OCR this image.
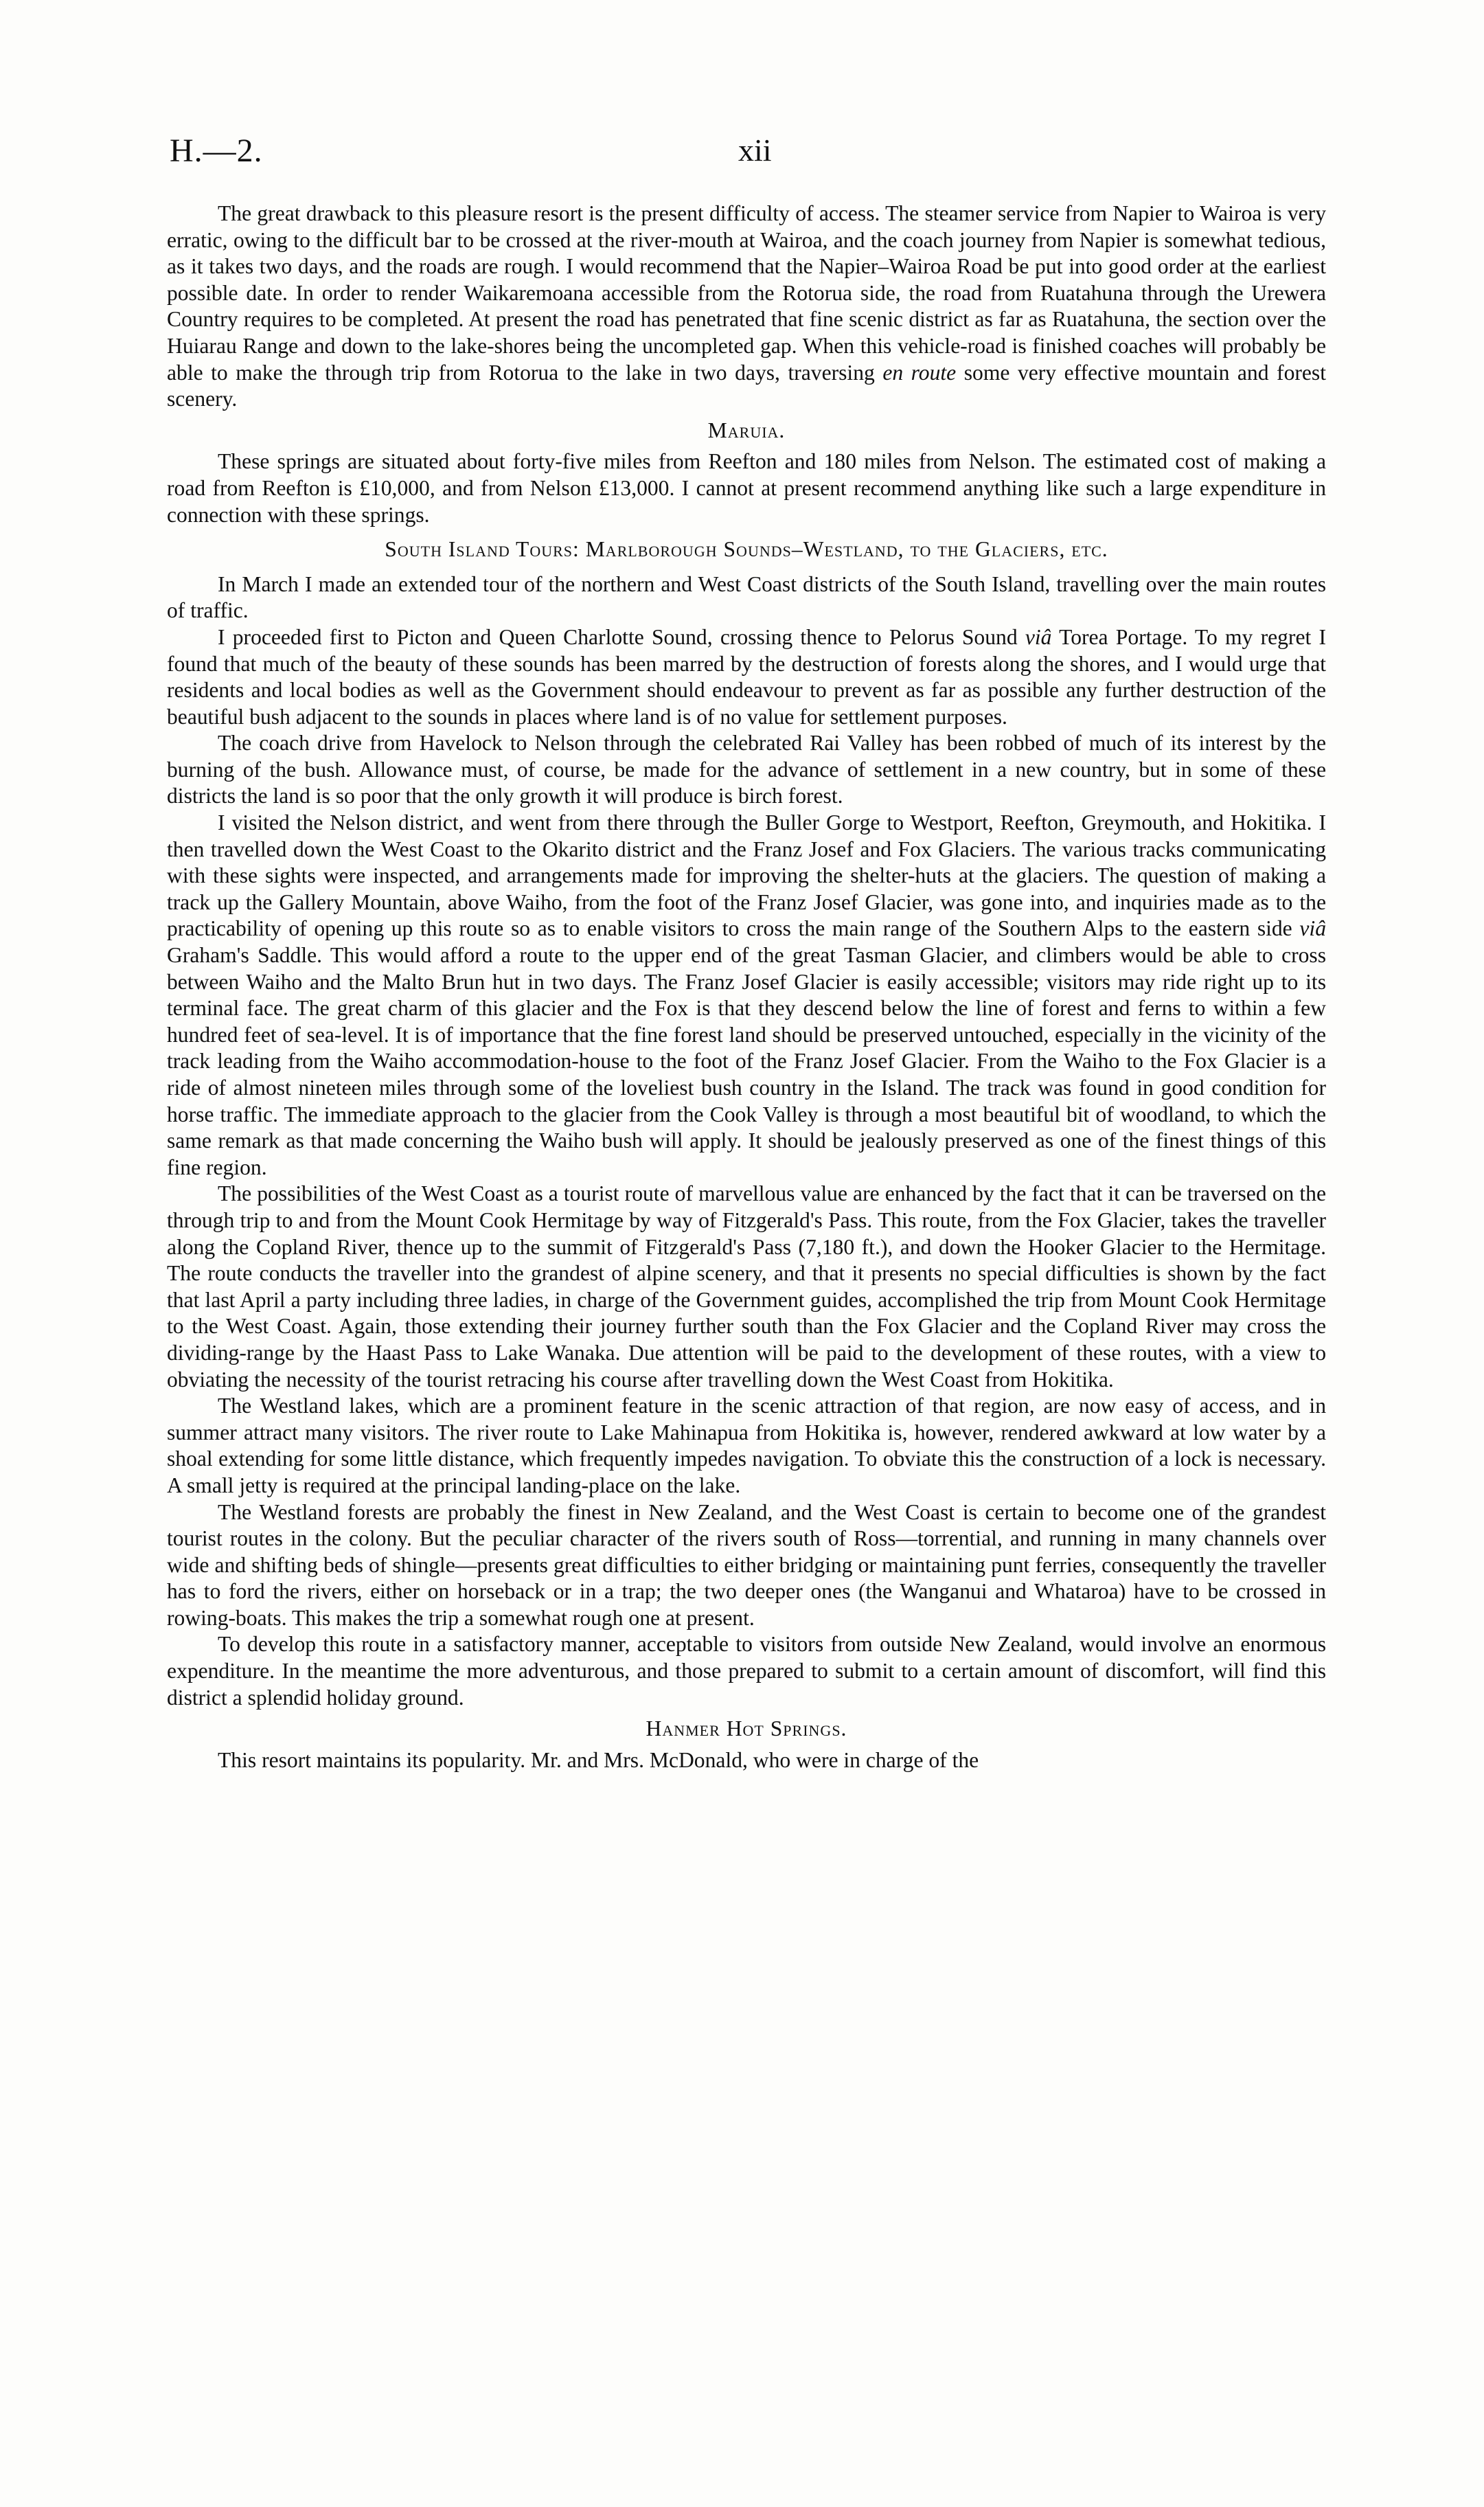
H.—2.	xii

The great drawback to this pleasure resort is the present difficulty of access. The steamer service from Napier to Wairoa is very erratic, owing to the difficult bar to be crossed at the river-mouth at Wairoa, and the coach journey from Napier is somewhat tedious, as it takes two days, and the roads are rough. I would recommend that the Napier–Wairoa Road be put into good order at the earliest possible date. In order to render Waikaremoana accessible from the Rotorua side, the road from Ruatahuna through the Urewera Country requires to be completed. At present the road has penetrated that fine scenic district as far as Ruatahuna, the section over the Huiarau Range and down to the lake-shores being the uncompleted gap. When this vehicle-road is finished coaches will probably be able to make the through trip from Rotorua to the lake in two days, traversing en route some very effective mountain and forest scenery.

Maruia.

These springs are situated about forty-five miles from Reefton and 180 miles from Nelson. The estimated cost of making a road from Reefton is £10,000, and from Nelson £13,000. I cannot at present recommend anything like such a large expenditure in connection with these springs.

South Island Tours: Marlborough Sounds–Westland, to the Glaciers, etc.

In March I made an extended tour of the northern and West Coast districts of the South Island, travelling over the main routes of traffic.

I proceeded first to Picton and Queen Charlotte Sound, crossing thence to Pelorus Sound viâ Torea Portage. To my regret I found that much of the beauty of these sounds has been marred by the destruction of forests along the shores, and I would urge that residents and local bodies as well as the Government should endeavour to prevent as far as possible any further destruction of the beautiful bush adjacent to the sounds in places where land is of no value for settlement purposes.

The coach drive from Havelock to Nelson through the celebrated Rai Valley has been robbed of much of its interest by the burning of the bush. Allowance must, of course, be made for the advance of settlement in a new country, but in some of these districts the land is so poor that the only growth it will produce is birch forest.

I visited the Nelson district, and went from there through the Buller Gorge to Westport, Reefton, Greymouth, and Hokitika. I then travelled down the West Coast to the Okarito district and the Franz Josef and Fox Glaciers. The various tracks communicating with these sights were inspected, and arrangements made for improving the shelter-huts at the glaciers. The question of making a track up the Gallery Mountain, above Waiho, from the foot of the Franz Josef Glacier, was gone into, and inquiries made as to the practicability of opening up this route so as to enable visitors to cross the main range of the Southern Alps to the eastern side viâ Graham's Saddle. This would afford a route to the upper end of the great Tasman Glacier, and climbers would be able to cross between Waiho and the Malto Brun hut in two days. The Franz Josef Glacier is easily accessible; visitors may ride right up to its terminal face. The great charm of this glacier and the Fox is that they descend below the line of forest and ferns to within a few hundred feet of sea-level. It is of importance that the fine forest land should be preserved untouched, especially in the vicinity of the track leading from the Waiho accommodation-house to the foot of the Franz Josef Glacier. From the Waiho to the Fox Glacier is a ride of almost nineteen miles through some of the loveliest bush country in the Island. The track was found in good condition for horse traffic. The immediate approach to the glacier from the Cook Valley is through a most beautiful bit of woodland, to which the same remark as that made concerning the Waiho bush will apply. It should be jealously preserved as one of the finest things of this fine region.

The possibilities of the West Coast as a tourist route of marvellous value are enhanced by the fact that it can be traversed on the through trip to and from the Mount Cook Hermitage by way of Fitzgerald's Pass. This route, from the Fox Glacier, takes the traveller along the Copland River, thence up to the summit of Fitzgerald's Pass (7,180 ft.), and down the Hooker Glacier to the Hermitage. The route conducts the traveller into the grandest of alpine scenery, and that it presents no special difficulties is shown by the fact that last April a party including three ladies, in charge of the Government guides, accomplished the trip from Mount Cook Hermitage to the West Coast. Again, those extending their journey further south than the Fox Glacier and the Copland River may cross the dividing-range by the Haast Pass to Lake Wanaka. Due attention will be paid to the development of these routes, with a view to obviating the necessity of the tourist retracing his course after travelling down the West Coast from Hokitika.

The Westland lakes, which are a prominent feature in the scenic attraction of that region, are now easy of access, and in summer attract many visitors. The river route to Lake Mahinapua from Hokitika is, however, rendered awkward at low water by a shoal extending for some little distance, which frequently impedes navigation. To obviate this the construction of a lock is necessary. A small jetty is required at the principal landing-place on the lake.

The Westland forests are probably the finest in New Zealand, and the West Coast is certain to become one of the grandest tourist routes in the colony. But the peculiar character of the rivers south of Ross—torrential, and running in many channels over wide and shifting beds of shingle—presents great difficulties to either bridging or maintaining punt ferries, consequently the traveller has to ford the rivers, either on horseback or in a trap; the two deeper ones (the Wanganui and Whataroa) have to be crossed in rowing-boats. This makes the trip a somewhat rough one at present.

To develop this route in a satisfactory manner, acceptable to visitors from outside New Zealand, would involve an enormous expenditure. In the meantime the more adventurous, and those prepared to submit to a certain amount of discomfort, will find this district a splendid holiday ground.

Hanmer Hot Springs.

This resort maintains its popularity. Mr. and Mrs. McDonald, who were in charge of the
